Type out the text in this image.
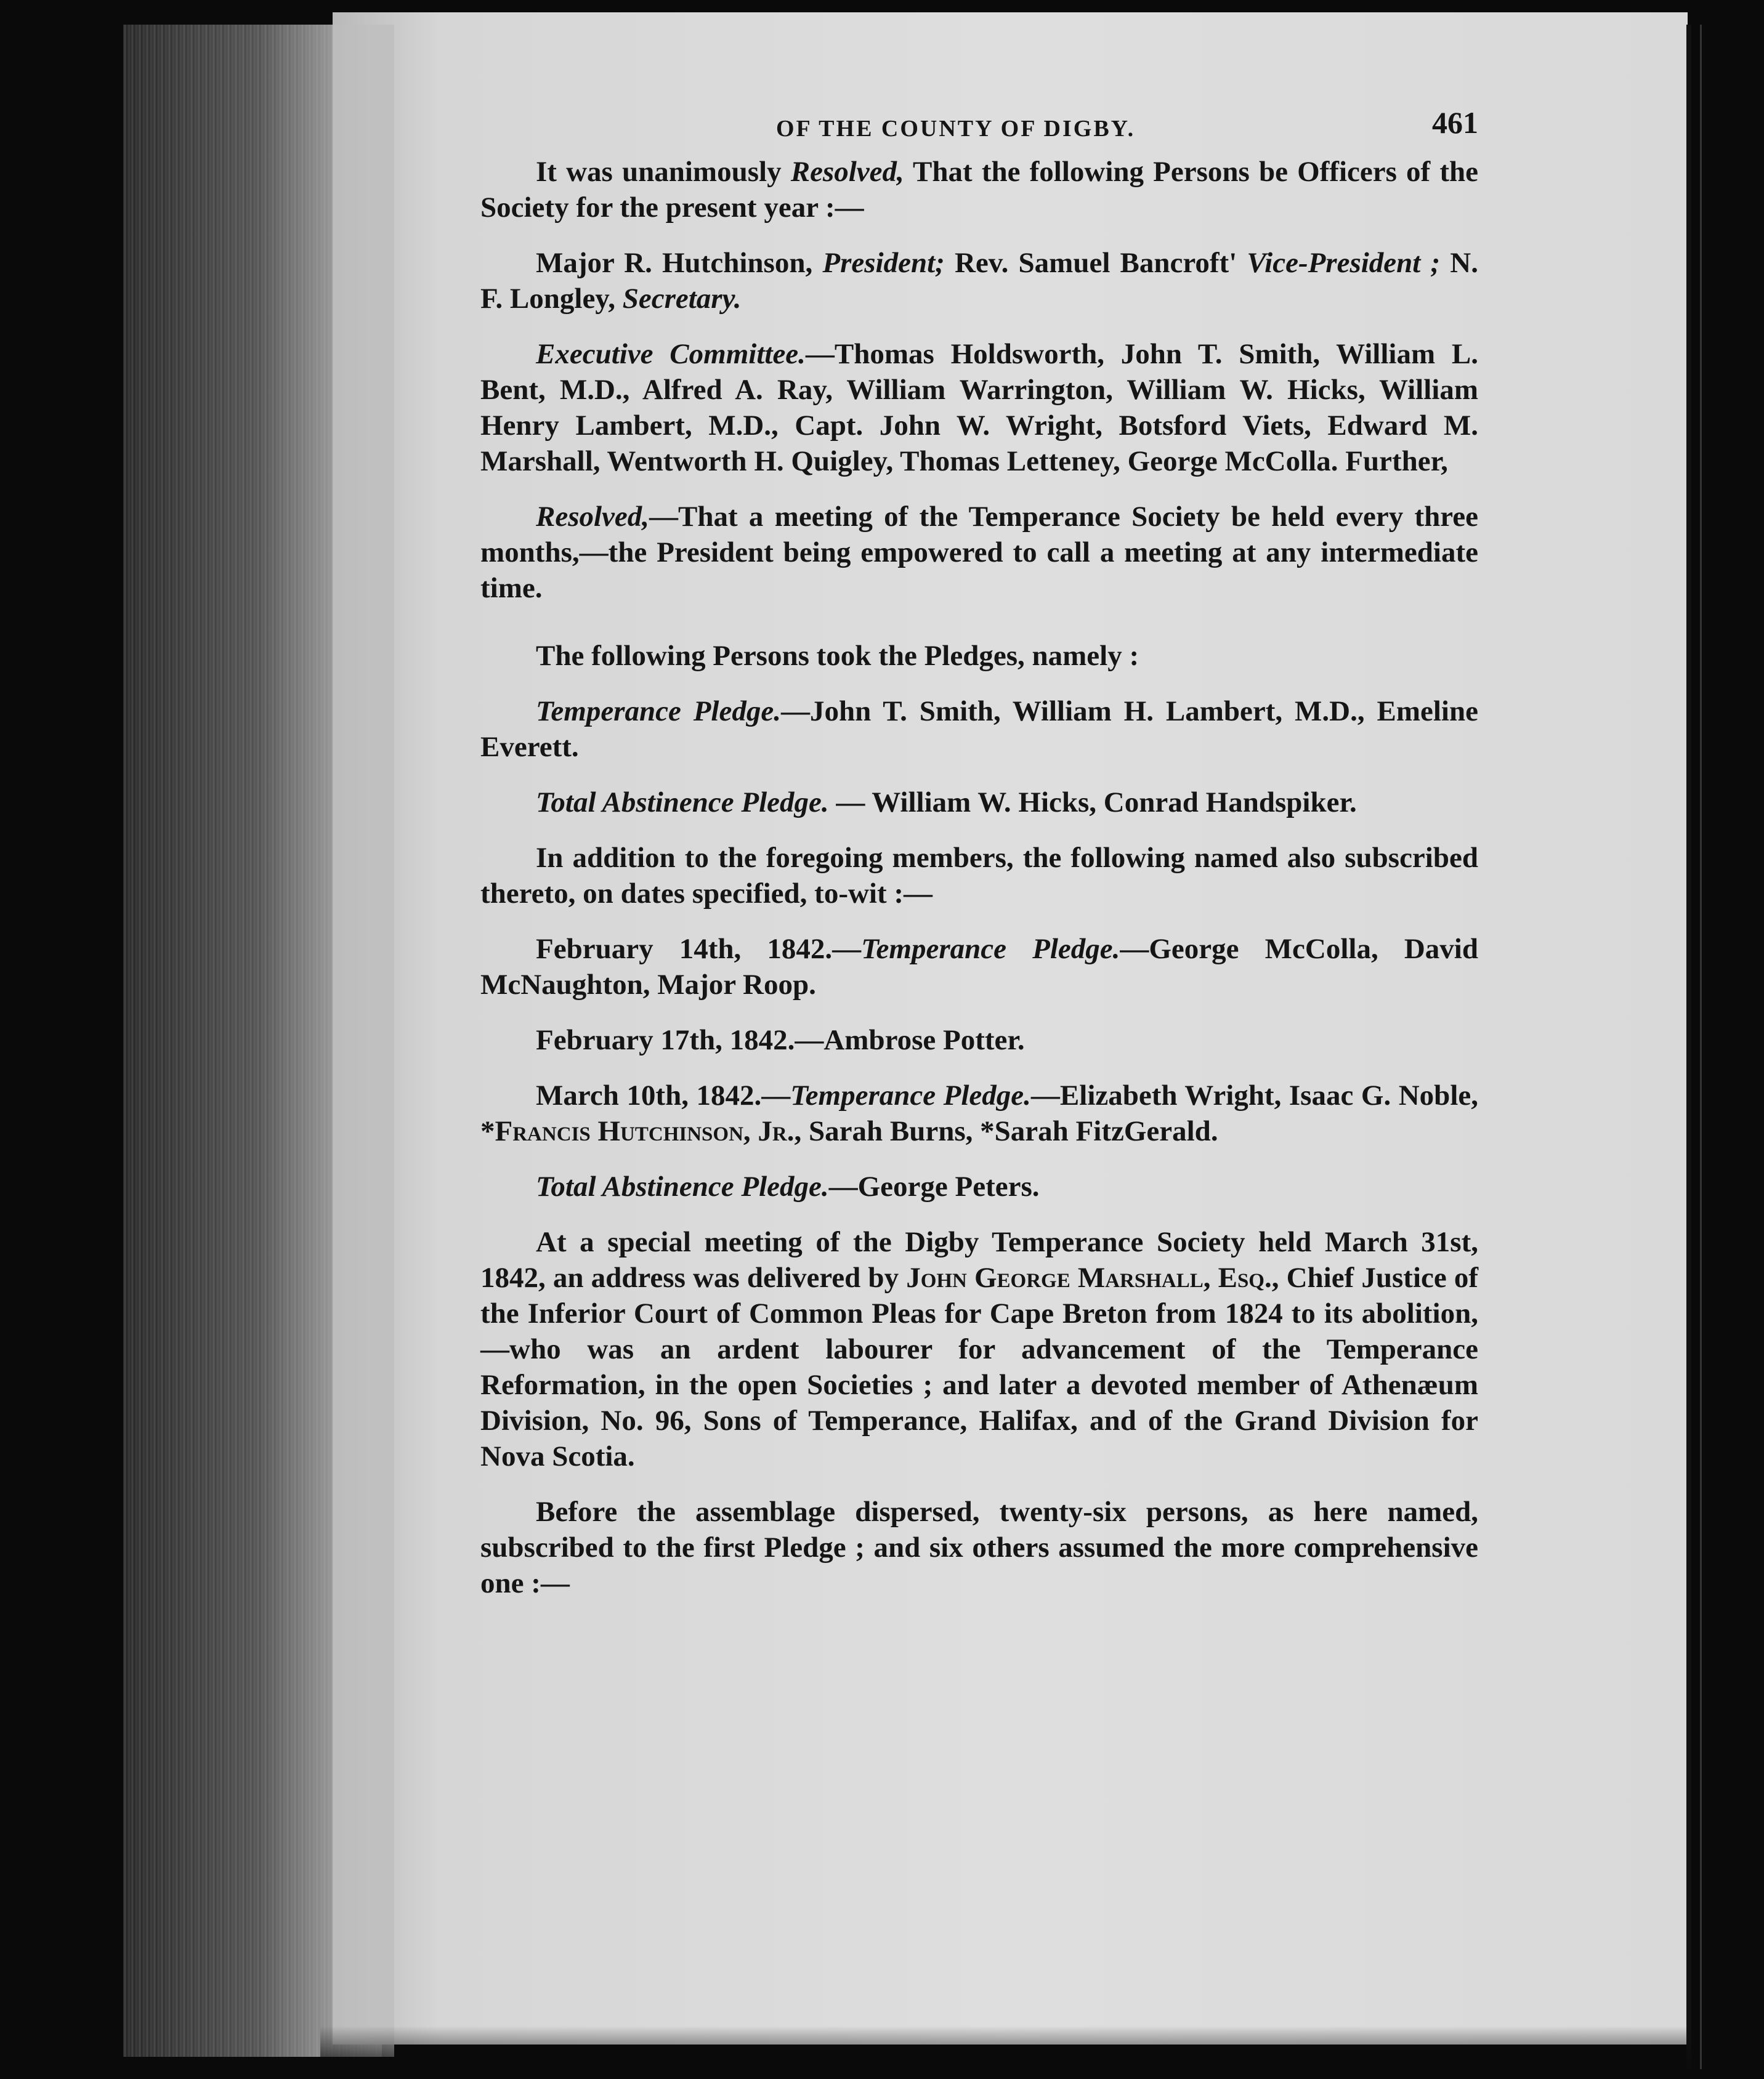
OF THE COUNTY OF DIGBY.	461

It was unanimously Resolved, That the following Persons be Officers of the Society for the present year :—

Major R. Hutchinson, President; Rev. Samuel Bancroft' Vice-President ; N. F. Longley, Secretary.

Executive Committee.—Thomas Holdsworth, John T. Smith, William L. Bent, M.D., Alfred A. Ray, William Warrington, William W. Hicks, William Henry Lambert, M.D., Capt. John W. Wright, Botsford Viets, Edward M. Marshall, Wentworth H. Quigley, Thomas Letteney, George McColla. Further,

Resolved,—That a meeting of the Temperance Society be held every three months,—the President being empowered to call a meeting at any intermediate time.

The following Persons took the Pledges, namely :

Temperance Pledge.—John T. Smith, William H. Lambert, M.D., Emeline Everett.

Total Abstinence Pledge. — William W. Hicks, Conrad Handspiker.

In addition to the foregoing members, the following named also subscribed thereto, on dates specified, to-wit :—

February 14th, 1842.—Temperance Pledge.—George McColla, David McNaughton, Major Roop.

February 17th, 1842.—Ambrose Potter.

March 10th, 1842.—Temperance Pledge.—Elizabeth Wright, Isaac G. Noble, *Francis Hutchinson, Jr., Sarah Burns, *Sarah FitzGerald.

Total Abstinence Pledge.—George Peters.

At a special meeting of the Digby Temperance Society held March 31st, 1842, an address was delivered by John George Marshall, Esq., Chief Justice of the Inferior Court of Common Pleas for Cape Breton from 1824 to its abolition,—who was an ardent labourer for advancement of the Temperance Reformation, in the open Societies ; and later a devoted member of Athenæum Division, No. 96, Sons of Temperance, Halifax, and of the Grand Division for Nova Scotia.

Before the assemblage dispersed, twenty-six persons, as here named, subscribed to the first Pledge ; and six others assumed the more comprehensive one :—
